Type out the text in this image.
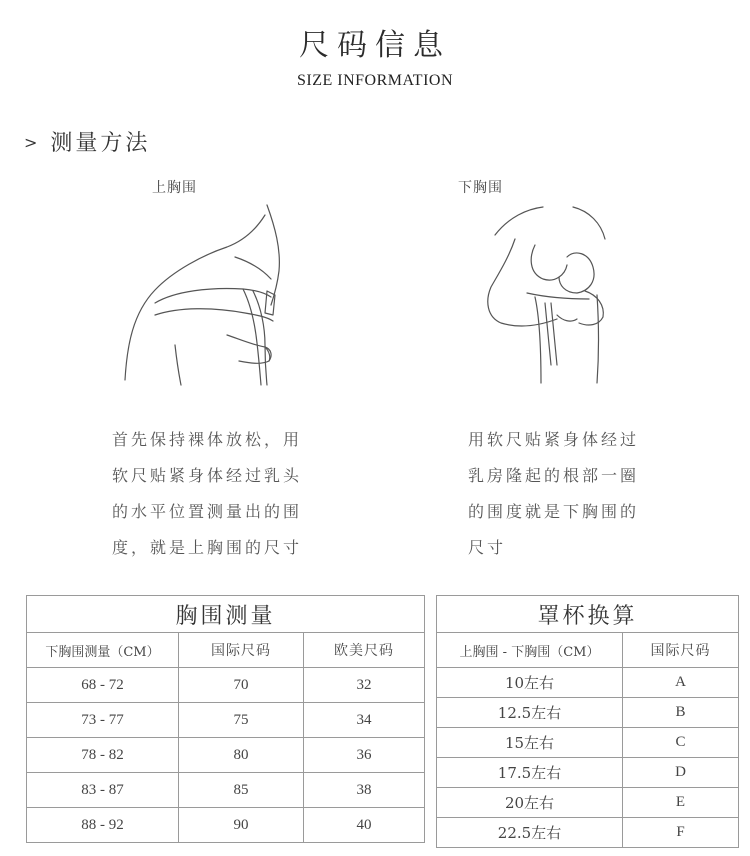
尺码信息
SIZE INFORMATION
> 测量方法
上胸围	下胸围
首先保持裸体放松，用
软尺贴紧身体经过乳头
的水平位置测量出的围
度，就是上胸围的尺寸
用软尺贴紧身体经过
乳房隆起的根部一圈
的围度就是下胸围的
尺寸
胸围测量		
下胸围测量（CM）	国际尺码	欧美尺码
68 - 72	70	32
73 - 77	75	34
78 - 82	80	36
83 - 87	85	38
88 - 92	90	40
罩杯换算	
上胸围 - 下胸围（CM）	国际尺码
10左右	A
12.5左右	B
15左右	C
17.5左右	D
20左右	E
22.5左右	F
